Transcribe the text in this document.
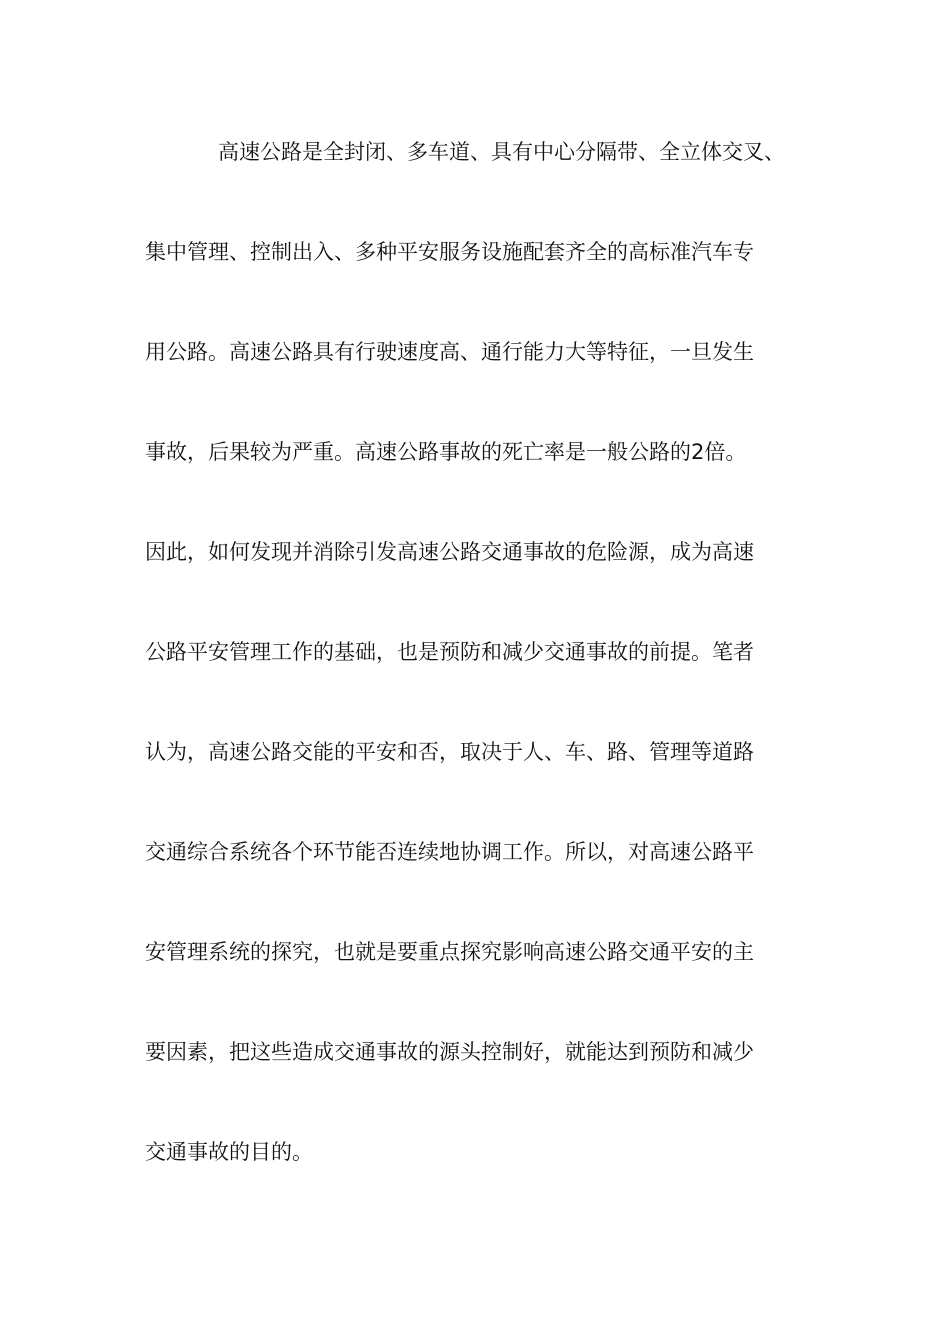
高速公路是全封闭、多车道、具有中心分隔带、全立体交叉、
集中管理、控制出入、多种平安服务设施配套齐全的高标准汽车专
用公路。高速公路具有行驶速度高、通行能力大等特征，一旦发生
事故，后果较为严重。高速公路事故的死亡率是一般公路的2倍。
因此，如何发现并消除引发高速公路交通事故的危险源，成为高速
公路平安管理工作的基础，也是预防和减少交通事故的前提。笔者
认为，高速公路交能的平安和否，取决于人、车、路、管理等道路
交通综合系统各个环节能否连续地协调工作。所以，对高速公路平
安管理系统的探究，也就是要重点探究影响高速公路交通平安的主
要因素，把这些造成交通事故的源头控制好，就能达到预防和减少
交通事故的目的。
